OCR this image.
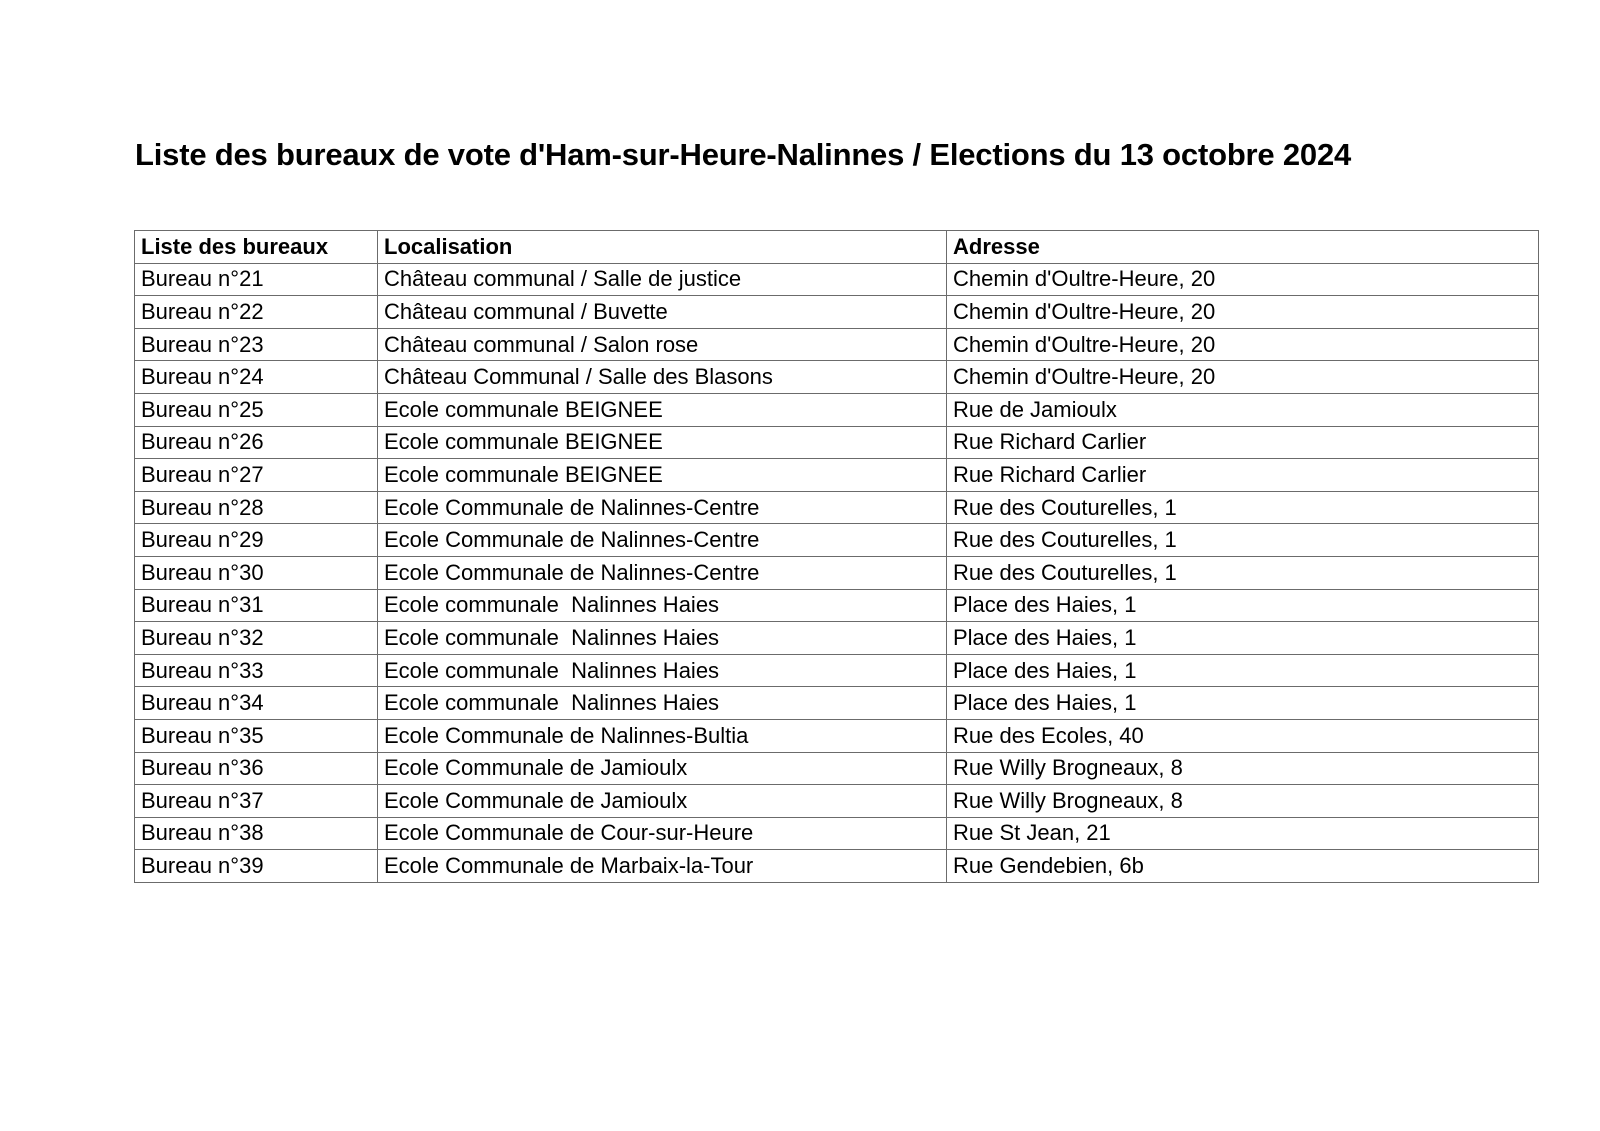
Liste des bureaux de vote d'Ham-sur-Heure-Nalinnes / Elections du 13 octobre 2024
Liste des bureaux	Localisation	Adresse
Bureau n°21	Château communal / Salle de justice	Chemin d'Oultre-Heure, 20
Bureau n°22	Château communal / Buvette	Chemin d'Oultre-Heure, 20
Bureau n°23	Château communal / Salon rose	Chemin d'Oultre-Heure, 20
Bureau n°24	Château Communal / Salle des Blasons	Chemin d'Oultre-Heure, 20
Bureau n°25	Ecole communale BEIGNEE	Rue de Jamioulx
Bureau n°26	Ecole communale BEIGNEE	Rue Richard Carlier
Bureau n°27	Ecole communale BEIGNEE	Rue Richard Carlier
Bureau n°28	Ecole Communale de Nalinnes-Centre	Rue des Couturelles, 1
Bureau n°29	Ecole Communale de Nalinnes-Centre	Rue des Couturelles, 1
Bureau n°30	Ecole Communale de Nalinnes-Centre	Rue des Couturelles, 1
Bureau n°31	Ecole communale  Nalinnes Haies	Place des Haies, 1
Bureau n°32	Ecole communale  Nalinnes Haies	Place des Haies, 1
Bureau n°33	Ecole communale  Nalinnes Haies	Place des Haies, 1
Bureau n°34	Ecole communale  Nalinnes Haies	Place des Haies, 1
Bureau n°35	Ecole Communale de Nalinnes-Bultia	Rue des Ecoles, 40
Bureau n°36	Ecole Communale de Jamioulx	Rue Willy Brogneaux, 8
Bureau n°37	Ecole Communale de Jamioulx	Rue Willy Brogneaux, 8
Bureau n°38	Ecole Communale de Cour-sur-Heure	Rue St Jean, 21
Bureau n°39	Ecole Communale de Marbaix-la-Tour	Rue Gendebien, 6b
